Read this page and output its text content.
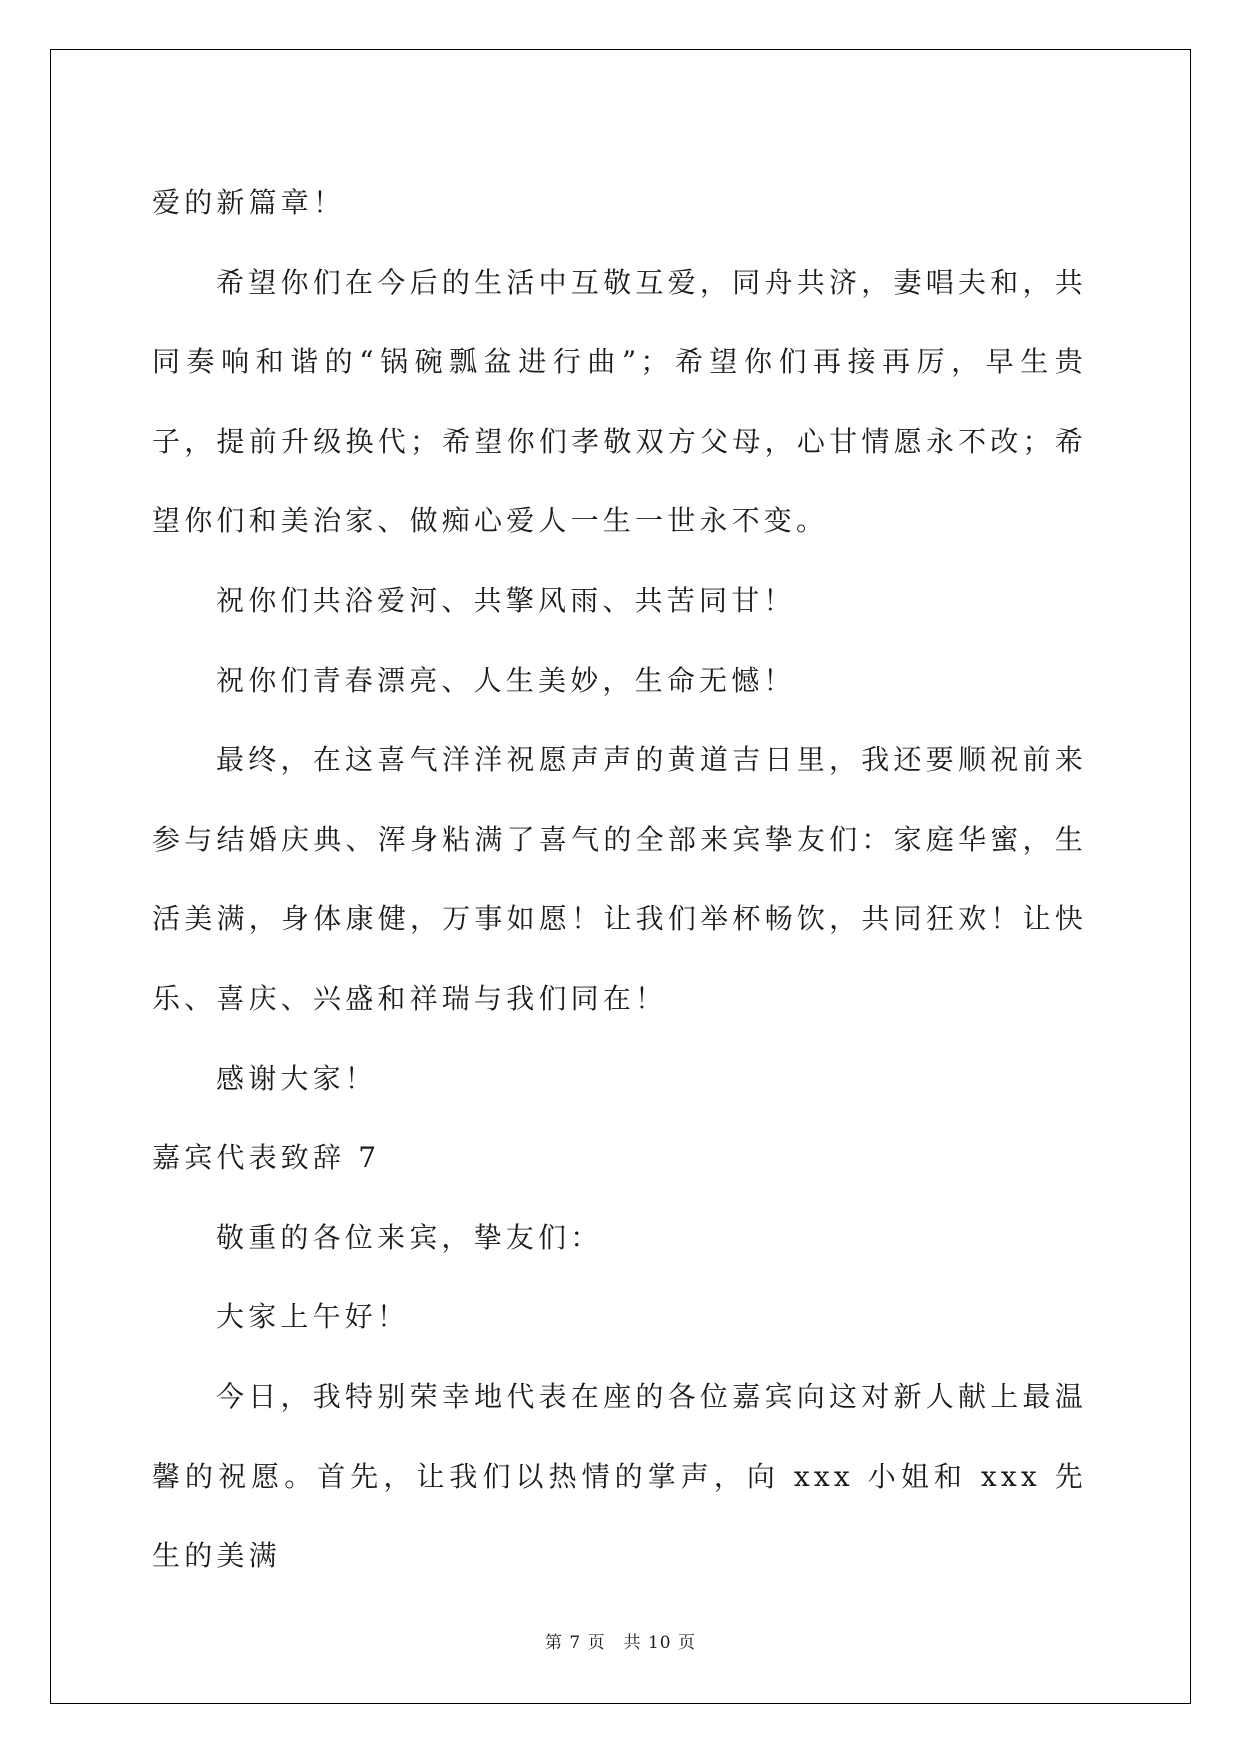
爱的新篇章！

希望你们在今后的生活中互敬互爱，同舟共济，妻唱夫和，共同奏响和谐的“锅碗瓢盆进行曲”；希望你们再接再厉，早生贵子，提前升级换代；希望你们孝敬双方父母，心甘情愿永不改；希望你们和美治家、做痴心爱人一生一世永不变。

祝你们共浴爱河、共擎风雨、共苦同甘！

祝你们青春漂亮、人生美妙，生命无憾！

最终，在这喜气洋洋祝愿声声的黄道吉日里，我还要顺祝前来参与结婚庆典、浑身粘满了喜气的全部来宾挚友们：家庭华蜜，生活美满，身体康健，万事如愿！让我们举杯畅饮，共同狂欢！让快乐、喜庆、兴盛和祥瑞与我们同在！

感谢大家！

嘉宾代表致辞 7

敬重的各位来宾，挚友们：

大家上午好！

今日，我特别荣幸地代表在座的各位嘉宾向这对新人献上最温馨的祝愿。首先，让我们以热情的掌声，向 xxx 小姐和 xxx 先生的美满

第 7 页　共 10 页
